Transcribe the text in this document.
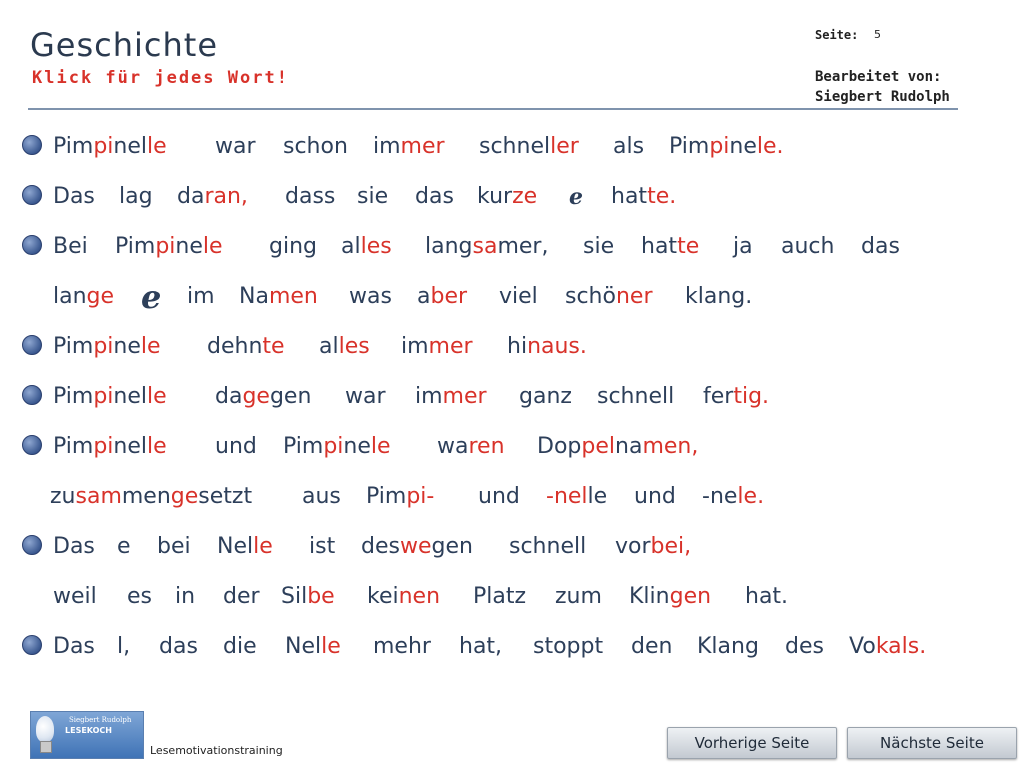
Geschichte
Klick für jedes Wort!
Seite: 5
Bearbeitet von:
Siegbert Rudolph
Pimpinelle war schon immer schneller als Pimpinele.
Das lag daran, dass sie das kurze e hatte.
Bei Pimpinele ging alles langsamer, sie hatte ja auch das
lange e im Namen was aber viel schöner klang.
Pimpinele dehnte alles immer hinaus.
Pimpinelle dagegen war immer ganz schnell fertig.
Pimpinelle und Pimpinele waren Doppelnamen,
zusammengesetzt aus Pimpi- und -nelle und -nele.
Das e bei Nelle ist deswegen schnell vorbei,
weil es in der Silbe keinen Platz zum Klingen hat.
Das l, das die Nelle mehr hat, stoppt den Klang des Vokals.
Siegbert Rudolph
LESEKOCH
Lesemotivationstraining	Vorherige Seite	Nächste Seite
